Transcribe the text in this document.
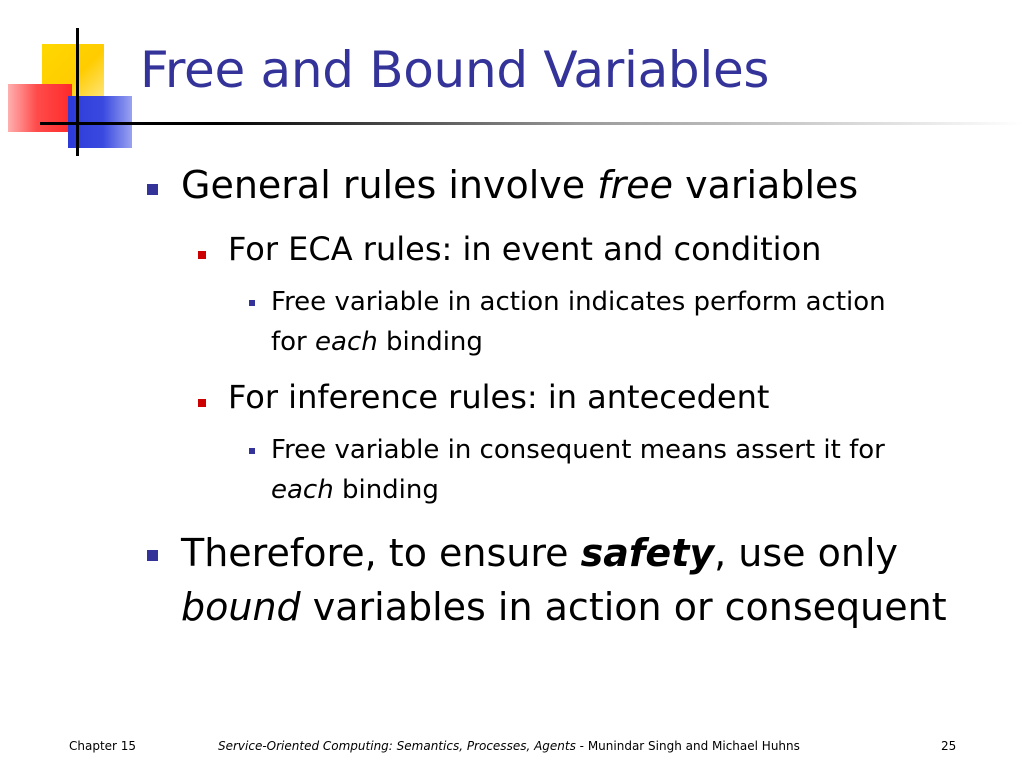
Free and Bound Variables
General rules involve free variables
For ECA rules: in event and condition
Free variable in action indicates perform action
for each binding
For inference rules: in antecedent
Free variable in consequent means assert it for
each binding
Therefore, to ensure safety, use only
bound variables in action or consequent
Chapter 15	Service-Oriented Computing: Semantics, Processes, Agents - Munindar Singh and Michael Huhns	25
